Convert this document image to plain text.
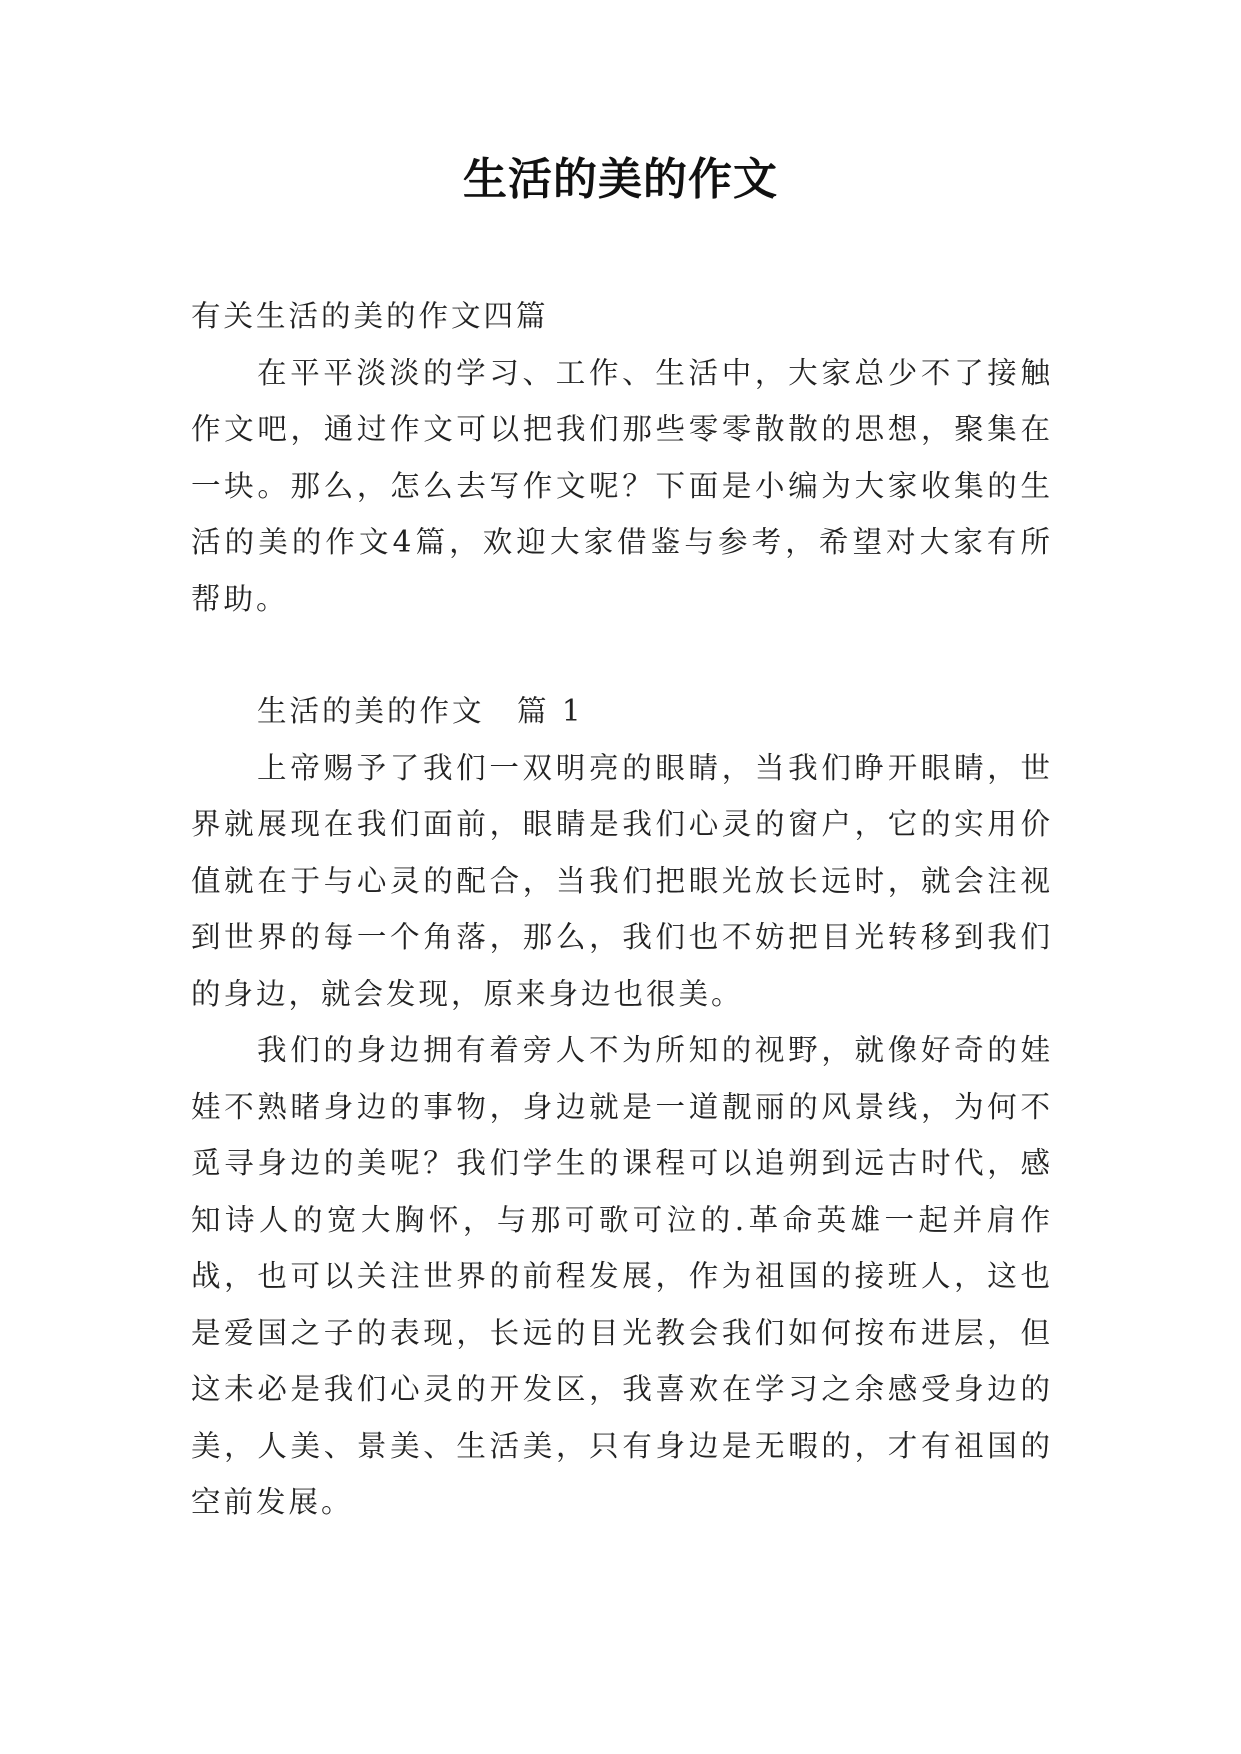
生活的美的作文

有关生活的美的作文四篇

在平平淡淡的学习、工作、生活中，大家总少不了接触作文吧，通过作文可以把我们那些零零散散的思想，聚集在一块。那么，怎么去写作文呢？下面是小编为大家收集的生活的美的作文4篇，欢迎大家借鉴与参考，希望对大家有所帮助。

生活的美的作文　篇 1

上帝赐予了我们一双明亮的眼睛，当我们睁开眼睛，世界就展现在我们面前，眼睛是我们心灵的窗户，它的实用价值就在于与心灵的配合，当我们把眼光放长远时，就会注视到世界的每一个角落，那么，我们也不妨把目光转移到我们的身边，就会发现，原来身边也很美。

我们的身边拥有着旁人不为所知的视野，就像好奇的娃娃不熟睹身边的事物，身边就是一道靓丽的风景线，为何不觅寻身边的美呢？我们学生的课程可以追朔到远古时代，感知诗人的宽大胸怀，与那可歌可泣的.革命英雄一起并肩作战，也可以关注世界的前程发展，作为祖国的接班人，这也是爱国之子的表现，长远的目光教会我们如何按布进层，但这未必是我们心灵的开发区，我喜欢在学习之余感受身边的美，人美、景美、生活美，只有身边是无暇的，才有祖国的空前发展。
